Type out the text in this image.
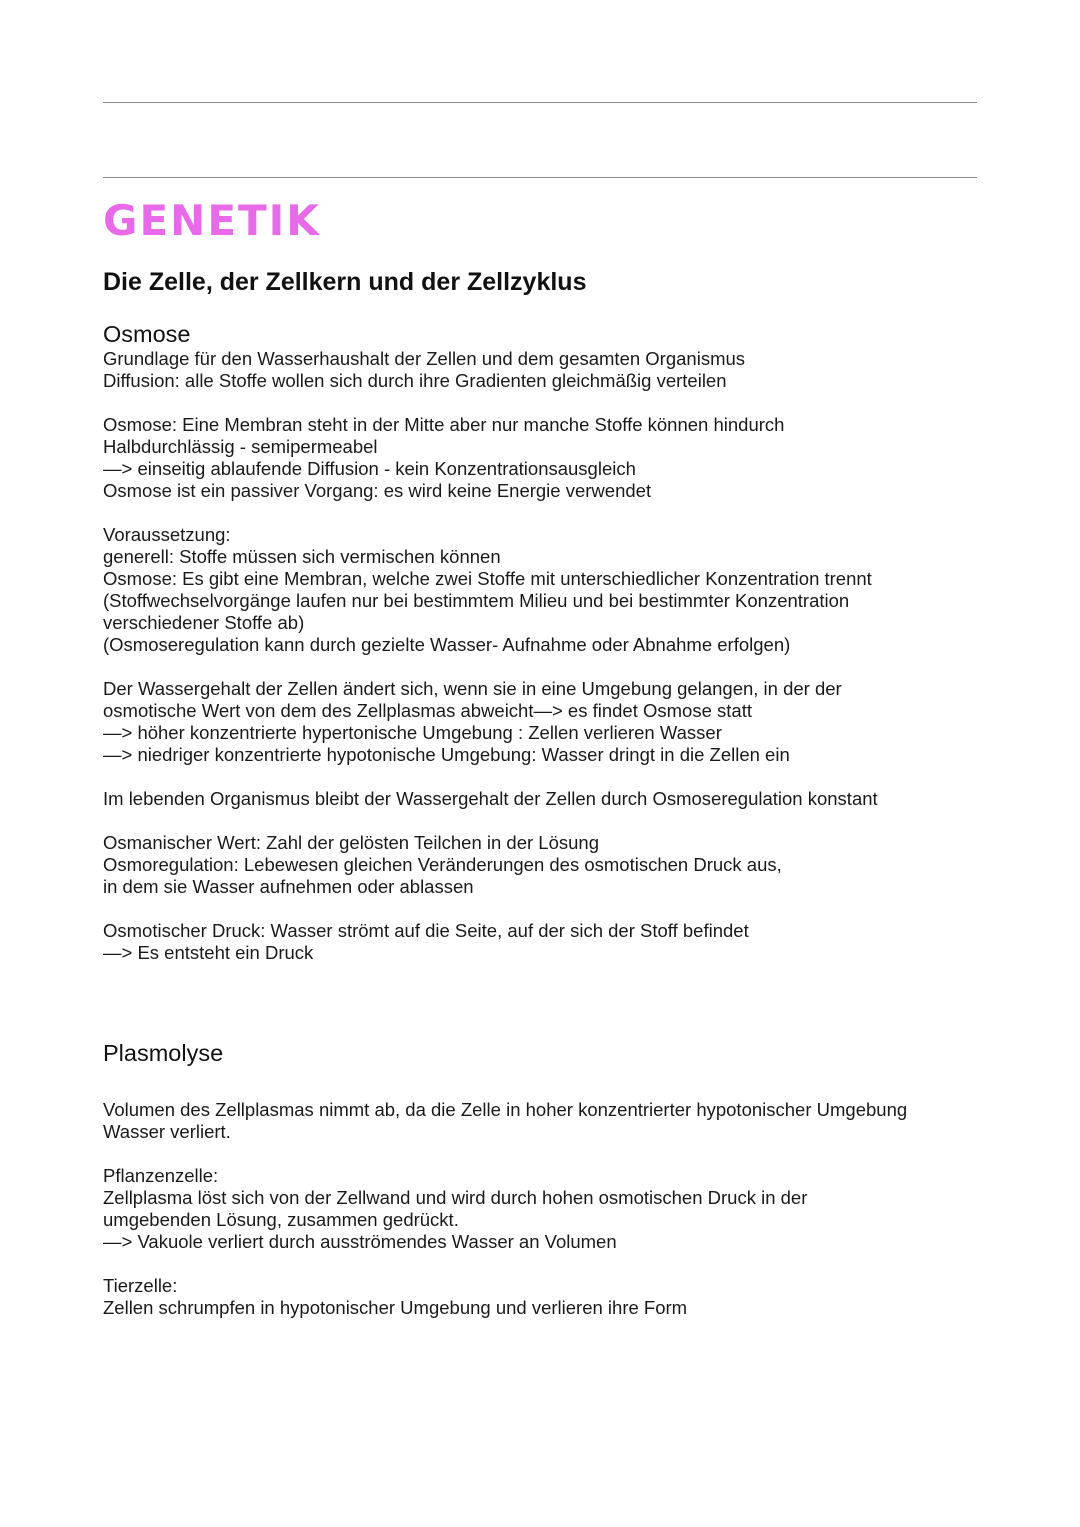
GENETIK
Die Zelle, der Zellkern und der Zellzyklus
Osmose
Grundlage für den Wasserhaushalt der Zellen und dem gesamten Organismus
Diffusion: alle Stoffe wollen sich durch ihre Gradienten gleichmäßig verteilen
Osmose: Eine Membran steht in der Mitte aber nur manche Stoffe können hindurch
Halbdurchlässig - semipermeabel
—> einseitig ablaufende Diffusion - kein Konzentrationsausgleich
Osmose ist ein passiver Vorgang: es wird keine Energie verwendet
Voraussetzung:
generell: Stoffe müssen sich vermischen können
Osmose: Es gibt eine Membran, welche zwei Stoffe mit unterschiedlicher Konzentration trennt
(Stoffwechselvorgänge laufen nur bei bestimmtem Milieu und bei bestimmter Konzentration
verschiedener Stoffe ab)
(Osmoseregulation kann durch gezielte Wasser- Aufnahme oder Abnahme erfolgen)
Der Wassergehalt der Zellen ändert sich, wenn sie in eine Umgebung gelangen, in der der
osmotische Wert von dem des Zellplasmas abweicht—> es findet Osmose statt
—> höher konzentrierte hypertonische Umgebung : Zellen verlieren Wasser
—> niedriger konzentrierte hypotonische Umgebung: Wasser dringt in die Zellen ein
Im lebenden Organismus bleibt der Wassergehalt der Zellen durch Osmoseregulation konstant
Osmanischer Wert: Zahl der gelösten Teilchen in der Lösung
Osmoregulation: Lebewesen gleichen Veränderungen des osmotischen Druck aus,
in dem sie Wasser aufnehmen oder ablassen
Osmotischer Druck: Wasser strömt auf die Seite, auf der sich der Stoff befindet
—> Es entsteht ein Druck
Plasmolyse
Volumen des Zellplasmas nimmt ab, da die Zelle in hoher konzentrierter hypotonischer Umgebung
Wasser verliert.
Pflanzenzelle:
Zellplasma löst sich von der Zellwand und wird durch hohen osmotischen Druck in der
umgebenden Lösung, zusammen gedrückt.
—> Vakuole verliert durch ausströmendes Wasser an Volumen
Tierzelle:
Zellen schrumpfen in hypotonischer Umgebung und verlieren ihre Form
